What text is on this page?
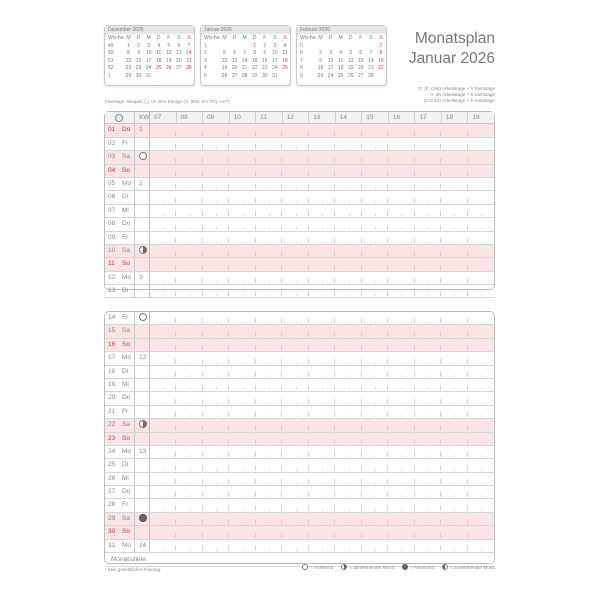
Dezember 2025
Woche	M	D	M	D	F	S	S
49	1	2	3	4	5	6	7
50	8	9	10	11	12	13	14
51	15	16	17	18	19	20	21
52	22	23	24	25	26	27	28
1	29	30	31				
Januar 2026
Woche	M	D	M	D	F	S	S
1				1	2	3	4
2	5	6	7	8	9	10	11
3	12	13	14	15	16	17	18
4	19	20	21	22	23	24	25
5	26	27	28	29	30	31	
Februar 2026
Woche	M	D	M	D	F	S	S
5							1
6	2	3	4	5	6	7	8
7	9	10	11	12	13	14	15
8	16	17	18	19	20	21	22
9	23	24	25	26	27	28	
Monatsplan
Januar 2026
D: (F: (19)) Arbeitstage + 5 Samstage
A: 20 Arbeitstage + 5 Samstage
(CH: 21) Arbeitstage + 5 Samstage
Feiertage: Neujahr (.); Hl. Drei Könige (A, (BW, BY, ST), CH*)
KW 07	08	09	10	11	12	13	14	15	16	17	18	19
01	Do	1
02	Fr
03	Sa
04	So
05	Mo	2
06	Di
07	Mi
08	Do
09	Fr
10	Sa
11	So
12	Mo	3
13	Di
14	Fr
15	Sa
16	So
17	Mo	12
18	Di
19	Mi
20	Do
21	Fr
22	Sa
23	So
24	Mo	13
25	Di
26	Mi
27	Do
28	Fr
29	Sa
30	So
31	Mo	14
Monatsziele:
* kein gesetzlicher Feiertag	= Vollmond	= abnehmender Mond	= Neumond	= zunehmender Mond
